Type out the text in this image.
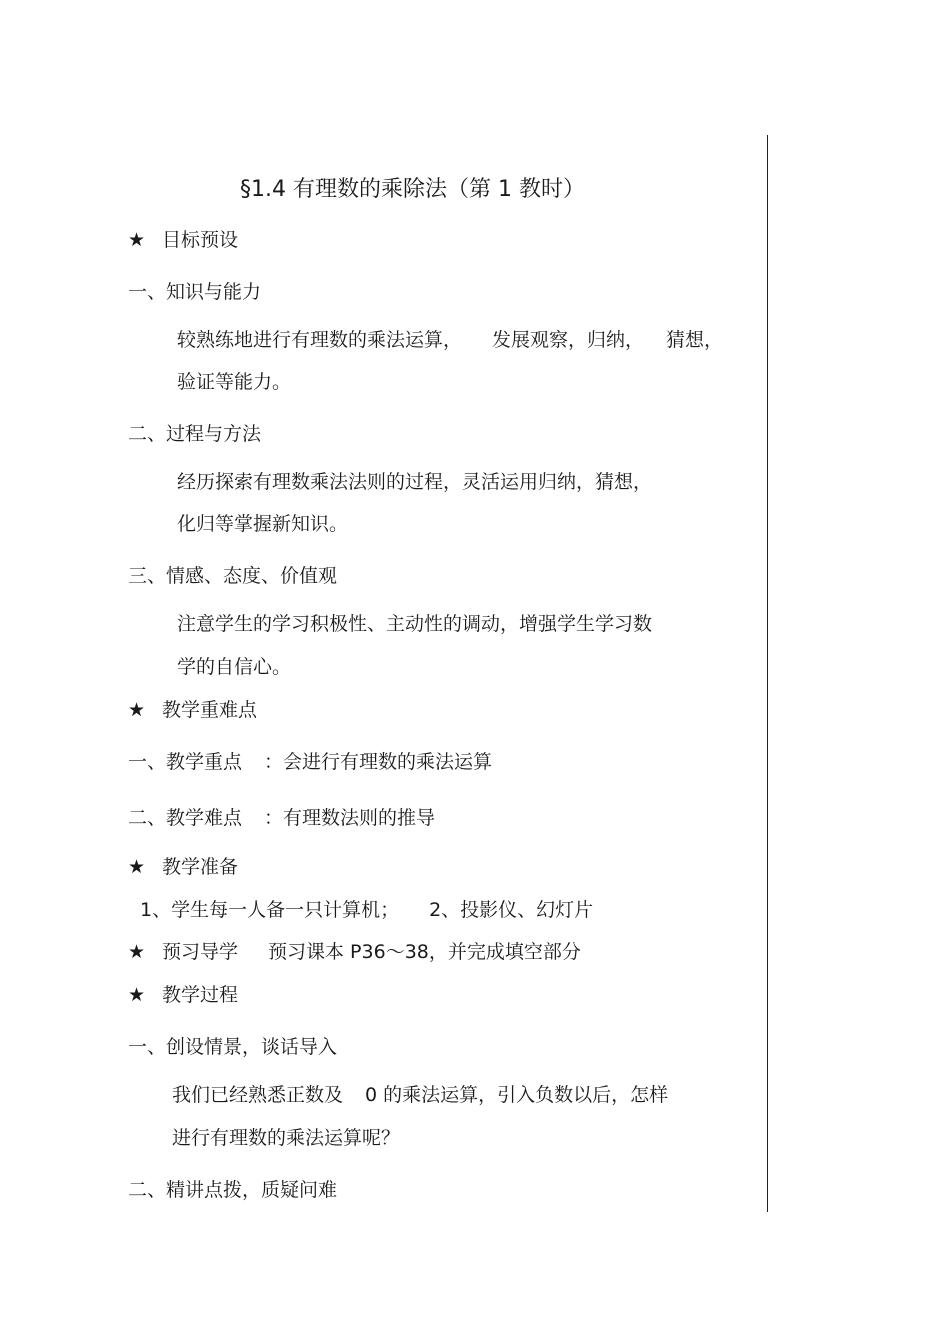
§1.4 有理数的乘除法（第 1 教时）
★ 目标预设
一、知识与能力
较熟练地进行有理数的乘法运算， 发展观察，归纳， 猜想，
验证等能力。
二、过程与方法
经历探索有理数乘法法则的过程，灵活运用归纳，猜想，
化归等掌握新知识。
三、情感、态度、价值观
注意学生的学习积极性、主动性的调动，增强学生学习数
学的自信心。
★ 教学重难点
一、教学重点 ：会进行有理数的乘法运算
二、教学难点 ：有理数法则的推导
★ 教学准备
1、学生每一人备一只计算机； 2、投影仪、幻灯片
★ 预习导学 预习课本 P36～38，并完成填空部分
★ 教学过程
一、创设情景，谈话导入
我们已经熟悉正数及 0 的乘法运算，引入负数以后，怎样
进行有理数的乘法运算呢？
二、精讲点拨，质疑问难
